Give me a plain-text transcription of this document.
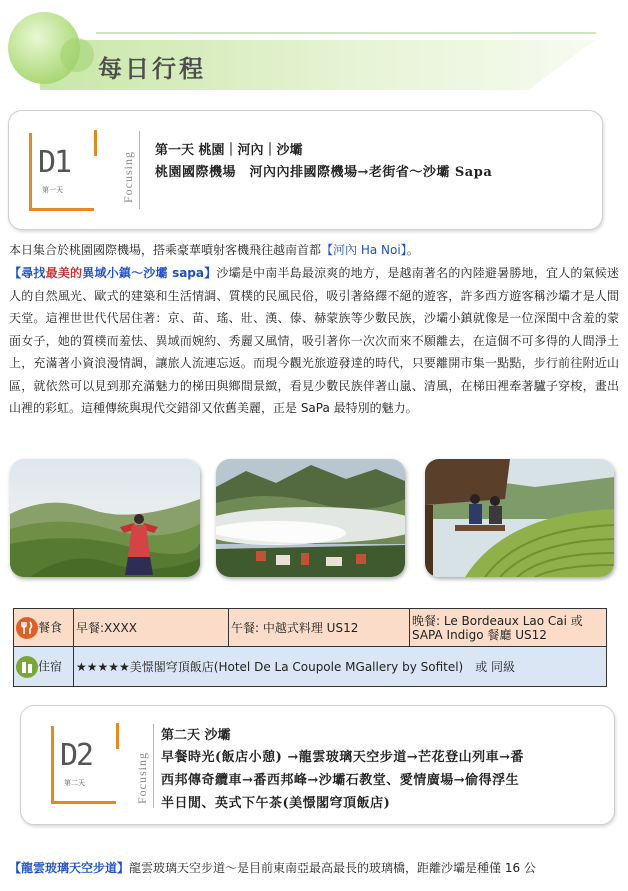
每日行程
D1
第一天	Focusing
第一天 桃園｜河內｜沙壩
桃園國際機場　河內內排國際機場→老街省～沙壩 Sapa
本日集合於桃園國際機場，搭乘豪華噴射客機飛往越南首都【河內 Ha Noi】。
【尋找最美的異域小鎮～沙壩 sapa】沙壩是中南半島最涼爽的地方，是越南著名的內陸避暑勝地，宜人的氣候迷人的自然風光、歐式的建築和生活情調、質樸的民風民俗，吸引著絡繹不絕的遊客，許多西方遊客稱沙壩才是人間天堂。這裡世世代代居住著：京、苗、瑤、壯、漢、傣、赫蒙族等少數民族，沙壩小鎮就像是一位深閨中含羞的蒙面女子，她的質樸而羞怯、異域而婉約、秀麗又風情，吸引著你一次次而來不願離去，在這個不可多得的人間淨土上，充滿著小資浪漫情調，讓旅人流連忘返。而現今觀光旅遊發達的時代，只要離開市集一點點，步行前往附近山區，就依然可以見到那充滿魅力的梯田與鄉間景緻，看見少數民族伴著山嵐、清風，在梯田裡牽著驢子穿梭，畫出山裡的彩虹。這種傳統與現代交錯卻又依舊美麗，正是 SaPa 最特別的魅力。
餐食	早餐:XXXX	午餐: 中越式料理 US12	晚餐: Le Bordeaux Lao Cai 或
SAPA Indigo 餐廳 US12

住宿	★★★★★美憬閣穹頂飯店(Hotel De La Coupole MGallery by Sofitel)　或 同級		
D2
第二天	Focusing
第二天 沙壩
早餐時光(飯店小憩) →龍雲玻璃天空步道→芒花登山列車→番
西邦傳奇纜車→番西邦峰→沙壩石教堂、愛情廣場→偷得浮生
半日閒、英式下午茶(美憬閣穹頂飯店)
【龍雲玻璃天空步道】龍雲玻璃天空步道～是目前東南亞最高最長的玻璃橋，距離沙壩是種僅 16 公
